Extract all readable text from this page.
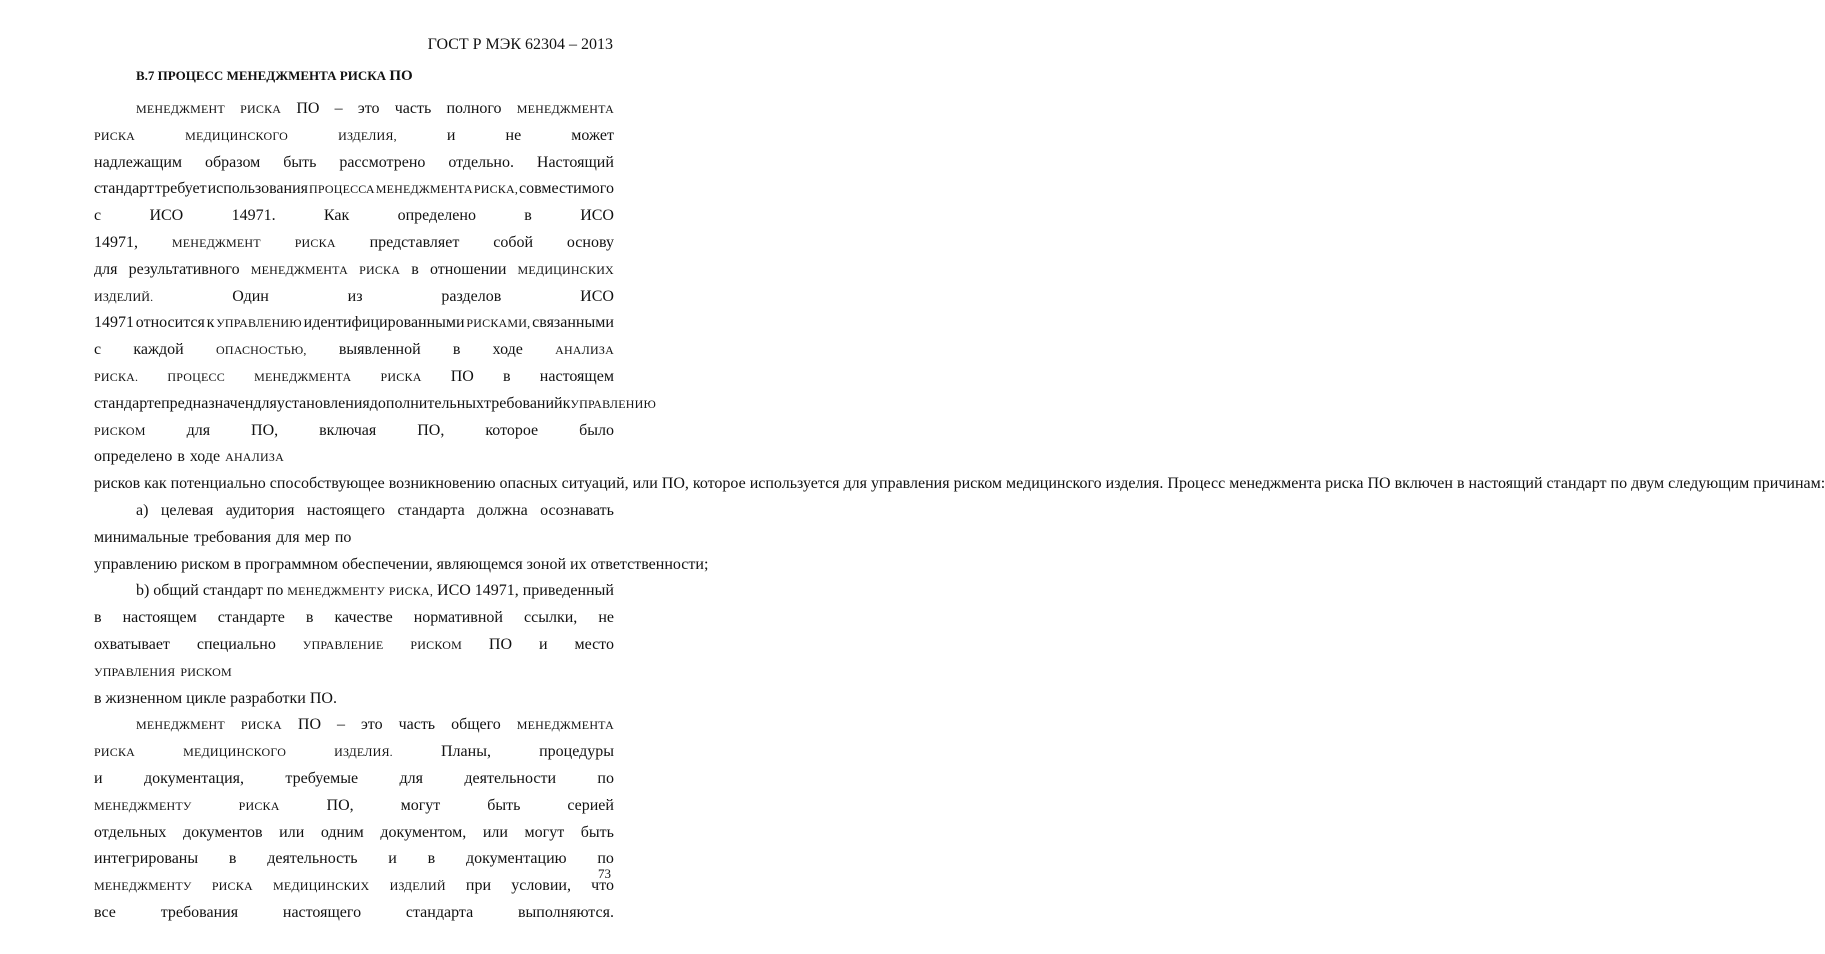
ГОСТ Р МЭК 62304 – 2013
B.7 ПРОЦЕСС МЕНЕДЖМЕНТА РИСКА ПО
МЕНЕДЖМЕНТ РИСКА ПО – это часть полного МЕНЕДЖМЕНТА
РИСКА	МЕДИЦИНСКОГО	ИЗДЕЛИЯ,	и	не	может
надлежащим образом быть рассмотрено отдельно. Настоящий
стандарт требует использования ПРОЦЕССА МЕНЕДЖМЕНТА РИСКА, совместимого
с	ИСО	14971.	Как	определено	в	ИСО
14971,	МЕНЕДЖМЕНТ	РИСКА представляет собой основу
для результативного МЕНЕДЖМЕНТА РИСКА в отношении МЕДИЦИНСКИХ
ИЗДЕЛИЙ.	Один	из	разделов	ИСО
14971 относится к УПРАВЛЕНИЮ идентифицированными РИСКАМИ, связанными
с каждой	ОПАСНОСТЬЮ, выявленной в ходе	АНАЛИЗА
РИСКА. ПРОЦЕСС МЕНЕДЖМЕНТА РИСКА ПО в настоящем
стандарте предназначен для установления дополнительных требований к УПРАВЛЕНИЮ
РИСКОМ	для	ПО,	включая	ПО,	которое	было
определено в ходе АНАЛИЗА
рисков как потенциально способствующее возникновению опасных ситуаций, или ПО, которое используется для управления риском медицинского изделия. Процесс менеджмента риска ПО включен в настоящий стандарт по двум следующим причинам:
а) целевая аудитория настоящего стандарта должна осознавать
минимальные требования для мер по
управлению риском в программном обеспечении, являющемся зоной их ответственности;
b) общий стандарт по МЕНЕДЖМЕНТУ РИСКА, ИСО 14971, приведенный
в настоящем стандарте в качестве нормативной ссылки, не
охватывает специально УПРАВЛЕНИЕ РИСКОМ ПО и место
УПРАВЛЕНИЯ РИСКОМ
в жизненном цикле разработки ПО.
МЕНЕДЖМЕНТ РИСКА ПО – это часть общего МЕНЕДЖМЕНТА
РИСКА	МЕДИЦИНСКОГО	ИЗДЕЛИЯ.	Планы,	процедуры
и	документация,	требуемые	для	деятельности	по
МЕНЕДЖМЕНТУ	РИСКА	ПО,	могут	быть	серией
отдельных документов или одним документом, или могут быть
интегрированы в деятельность и в документацию по
МЕНЕДЖМЕНТУ РИСКА МЕДИЦИНСКИХ ИЗДЕЛИЙ при условии, что
все	требования	настоящего	стандарта	выполняются.
73
